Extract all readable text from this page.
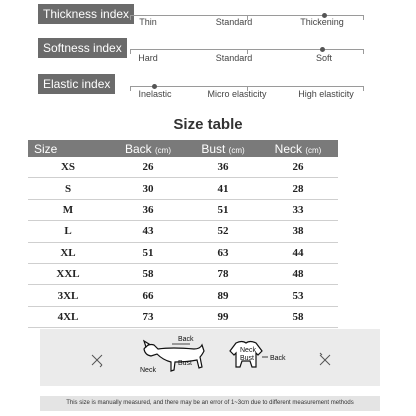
Thickness index
Thin	Standard	Thickening
Softness index
Hard	Standard	Soft
Elastic index
Inelastic	Micro elasticity	High elasticity
Size table
Size	Back (cm)	Bust (cm)	Neck (cm)
XS	26	36	26
S	30	41	28
M	36	51	33
L	43	52	38
XL	51	63	44
XXL	58	78	48
3XL	66	89	53
4XL	73	99	58
Back
Neck
Bust
Neck
Bust Back
This size is manually measured, and there may be an error of 1~3cm due to different measurement methods
